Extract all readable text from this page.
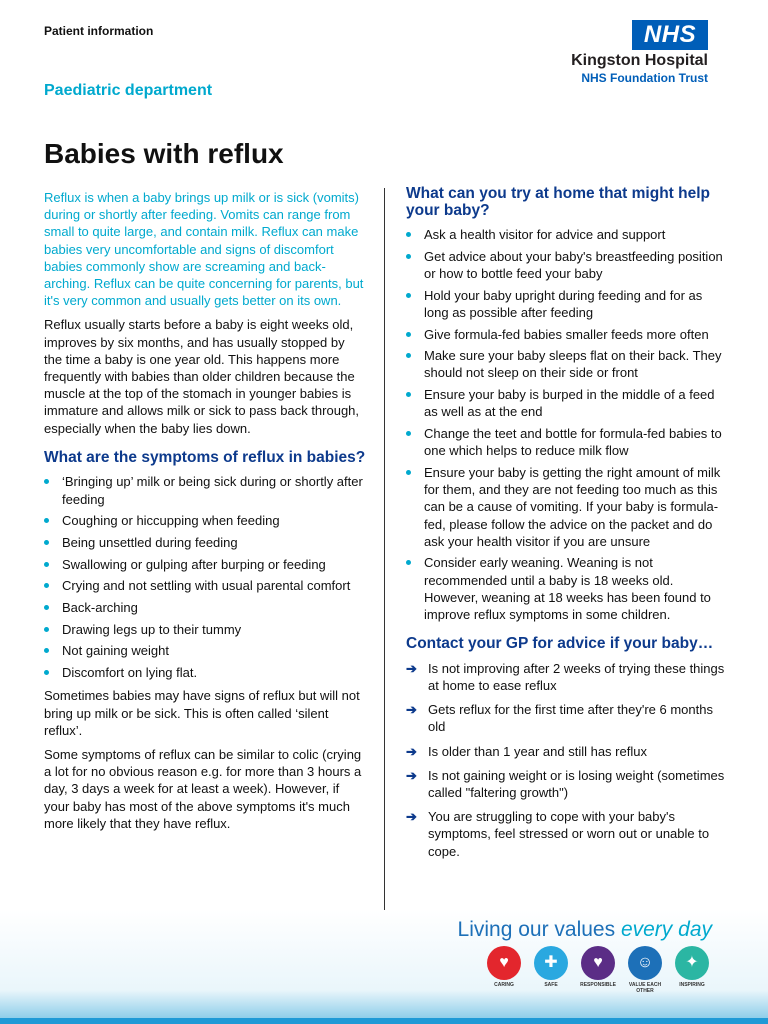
Patient information	NHS
Kingston Hospital
NHS Foundation Trust
Paediatric department
Babies with reflux

Reflux is when a baby brings up milk or is sick (vomits) during or shortly after feeding. Vomits can range from small to quite large, and contain milk. Reflux can make babies very uncomfortable and signs of discomfort babies commonly show are screaming and back-arching. Reflux can be quite concerning for parents, but it's very common and usually gets better on its own.

Reflux usually starts before a baby is eight weeks old, improves by six months, and has usually stopped by the time a baby is one year old. This happens more frequently with babies than older children because the muscle at the top of the stomach in younger babies is immature and allows milk or sick to pass back through, especially when the baby lies down.

What are the symptoms of reflux in babies?
‘Bringing up’ milk or being sick during or shortly after feeding
Coughing or hiccupping when feeding
Being unsettled during feeding
Swallowing or gulping after burping or feeding
Crying and not settling with usual parental comfort
Back-arching
Drawing legs up to their tummy
Not gaining weight
Discomfort on lying flat.

Sometimes babies may have signs of reflux but will not bring up milk or be sick. This is often called ‘silent reflux’.

Some symptoms of reflux can be similar to colic (crying a lot for no obvious reason e.g. for more than 3 hours a day, 3 days a week for at least a week). However, if your baby has most of the above symptoms it's much more likely that they have reflux.

What can you try at home that might help your baby?
Ask a health visitor for advice and support
Get advice about your baby's breastfeeding position or how to bottle feed your baby
Hold your baby upright during feeding and for as long as possible after feeding
Give formula-fed babies smaller feeds more often
Make sure your baby sleeps flat on their back. They should not sleep on their side or front
Ensure your baby is burped in the middle of a feed as well as at the end
Change the teet and bottle for formula-fed babies to one which helps to reduce milk flow
Ensure your baby is getting the right amount of milk for them, and they are not feeding too much as this can be a cause of vomiting. If your baby is formula-fed, please follow the advice on the packet and do ask your health visitor if you are unsure
Consider early weaning. Weaning is not recommended until a baby is 18 weeks old. However, weaning at 18 weeks has been found to improve reflux symptoms in some children.
Contact your GP for advice if your baby…
➔ Is not improving after 2 weeks of trying these things at home to ease reflux
➔ Gets reflux for the first time after they're 6 months old
➔ Is older than 1 year and still has reflux
➔ Is not gaining weight or is losing weight (sometimes called "faltering growth")
➔ You are struggling to cope with your baby's symptoms, feel stressed or worn out or unable to cope.
Living our values every day
♥
CARING
✚
SAFE
♥
RESPONSIBLE
☺
VALUE EACH OTHER
✦
INSPIRING
